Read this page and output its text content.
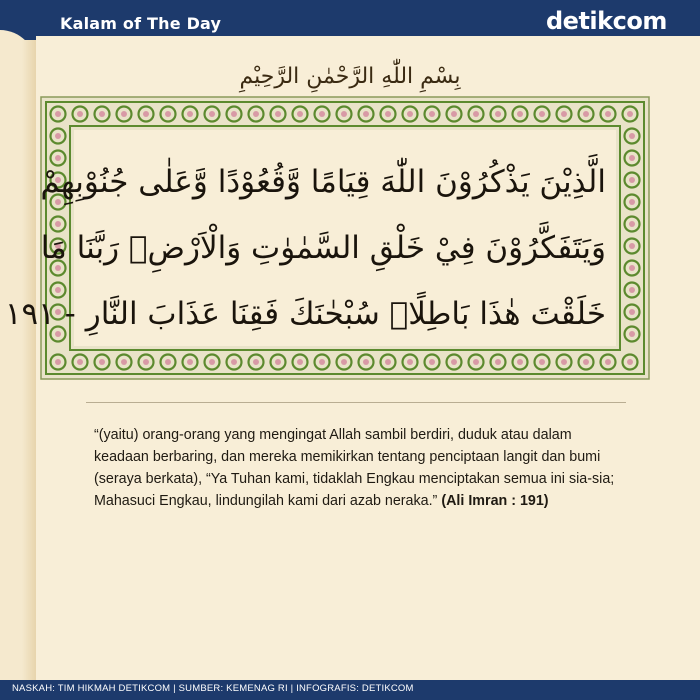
Kalam of The Day	detikcom
بِسْمِ اللّٰهِ الرَّحْمٰنِ الرَّحِيْمِ
الَّذِيْنَ يَذْكُرُوْنَ اللّٰهَ قِيَامًا وَّقُعُوْدًا وَّعَلٰى جُنُوْبِهِمْ
وَيَتَفَكَّرُوْنَ فِيْ خَلْقِ السَّمٰوٰتِ وَالْاَرْضِۚ رَبَّنَا مَا
خَلَقْتَ هٰذَا بَاطِلًاۚ سُبْحٰنَكَ فَقِنَا عَذَابَ النَّارِ - ١٩١
“(yaitu) orang-orang yang mengingat Allah sambil berdiri, duduk atau dalam keadaan berbaring, dan mereka memikirkan tentang penciptaan langit dan bumi (seraya berkata), “Ya Tuhan kami, tidaklah Engkau menciptakan semua ini sia-sia; Mahasuci Engkau, lindungilah kami dari azab neraka.” (Ali Imran : 191)
NASKAH: TIM HIKMAH DETIKCOM | SUMBER: KEMENAG RI | INFOGRAFIS: DETIKCOM
